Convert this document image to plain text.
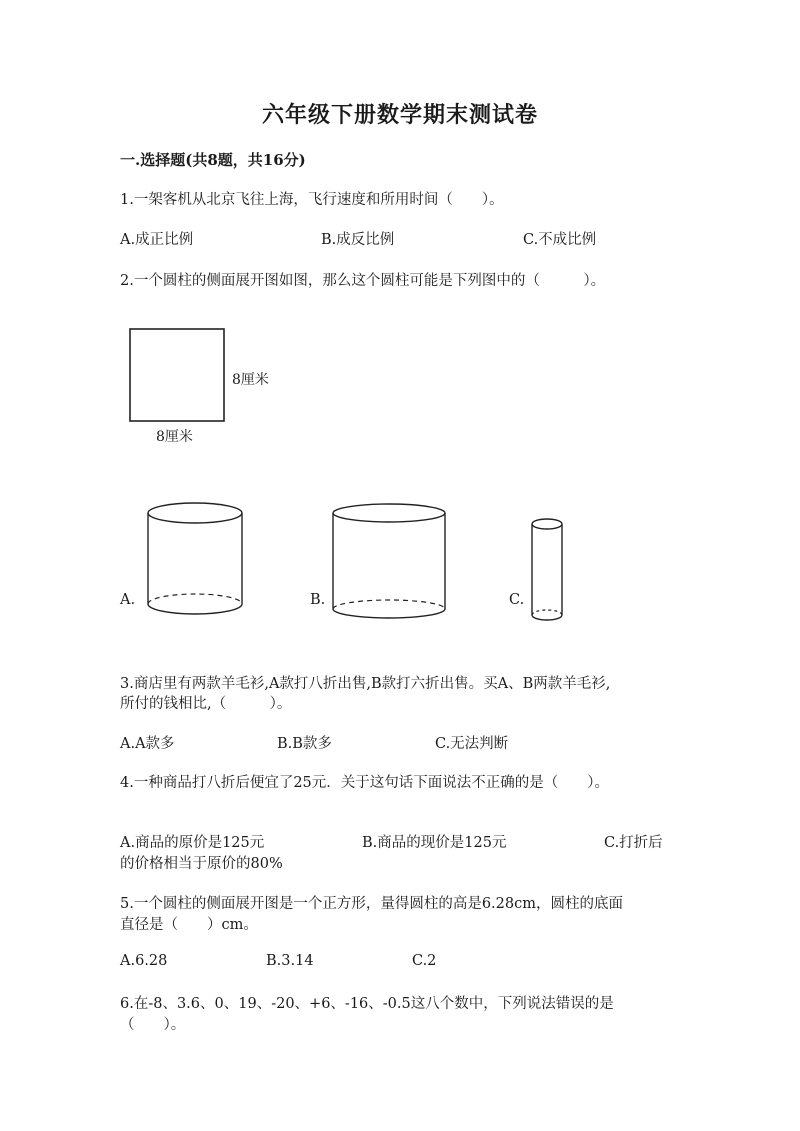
六年级下册数学期末测试卷
一.选择题(共8题，共16分)
1.一架客机从北京飞往上海，飞行速度和所用时间（　　）。
A.成正比例	B.成反比例	C.不成比例
2.一个圆柱的侧面展开图如图，那么这个圆柱可能是下列图中的（　　　）。
8厘米
8厘米
A.	B.	C.
3.商店里有两款羊毛衫,A款打八折出售,B款打六折出售。买A、B两款羊毛衫,
所付的钱相比,（　　　）。
A.A款多	B.B款多	C.无法判断
4.一种商品打八折后便宜了25元．关于这句话下面说法不正确的是（　　）。
A.商品的原价是125元	B.商品的现价是125元	C.打折后
的价格相当于原价的80%
5.一个圆柱的侧面展开图是一个正方形，量得圆柱的高是6.28cm，圆柱的底面
直径是（　　）cm。
A.6.28	B.3.14	C.2
6.在-8、3.6、0、19、-20、+6、-16、-0.5这八个数中，下列说法错误的是
（　　）。
